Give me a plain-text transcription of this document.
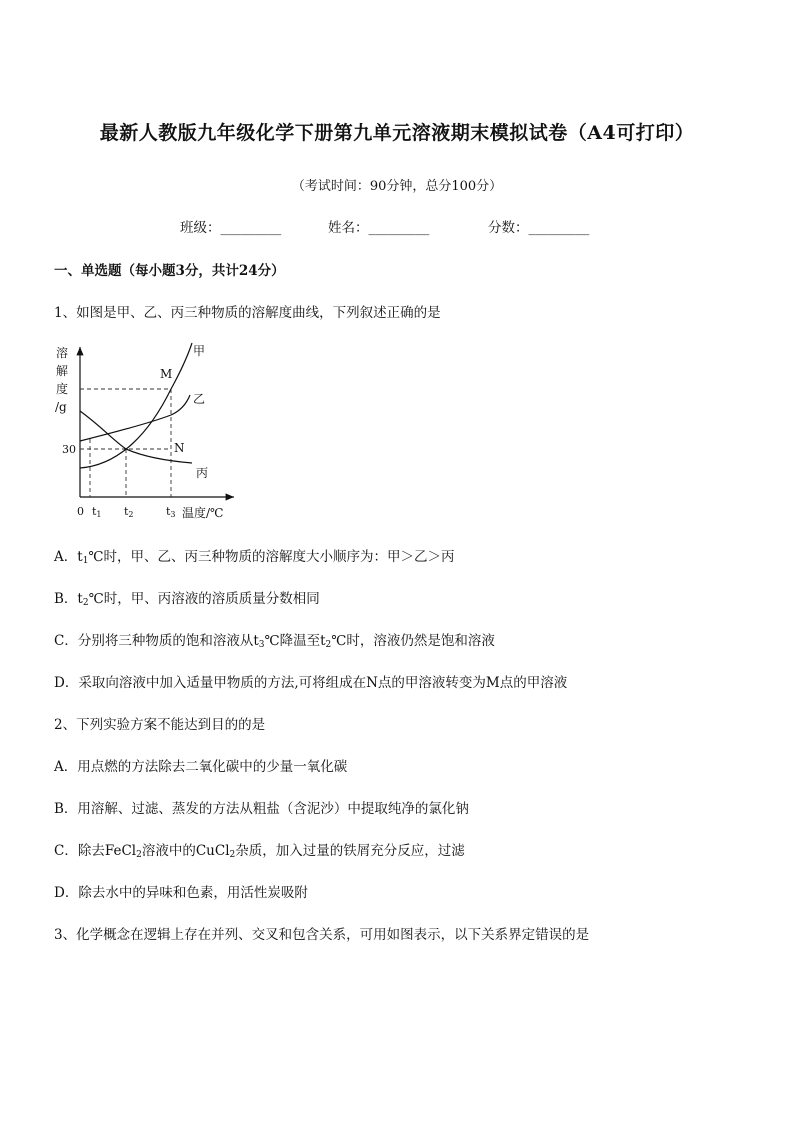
最新人教版九年级化学下册第九单元溶液期末模拟试卷（A4可打印）
（考试时间：90分钟，总分100分）
班级：_________	姓名：_________	分数：_________
一、单选题（每小题3分，共计24分）
1、如图是甲、乙、丙三种物质的溶解度曲线，下列叙述正确的是
溶
解
度
/g
30
0 t1 t2	t3 温度/℃
甲
乙
丙
M
N
A．$t_1℃$时，甲、乙、丙三种物质的溶解度大小顺序为：甲＞乙＞丙
B．$t_2℃$时，甲、丙溶液的溶质质量分数相同
C．分别将三种物质的饱和溶液从$t_3℃$降温至$t_2℃$时，溶液仍然是饱和溶液
D．采取向溶液中加入适量甲物质的方法,可将组成在N点的甲溶液转变为M点的甲溶液
2、下列实验方案不能达到目的的是
A．用点燃的方法除去二氧化碳中的少量一氧化碳
B．用溶解、过滤、蒸发的方法从粗盐（含泥沙）中提取纯净的氯化钠
C．除去FeCl$_2$溶液中的CuCl$_2$杂质，加入过量的铁屑充分反应，过滤
D．除去水中的异味和色素，用活性炭吸附
3、化学概念在逻辑上存在并列、交叉和包含关系，可用如图表示，以下关系界定错误的是
